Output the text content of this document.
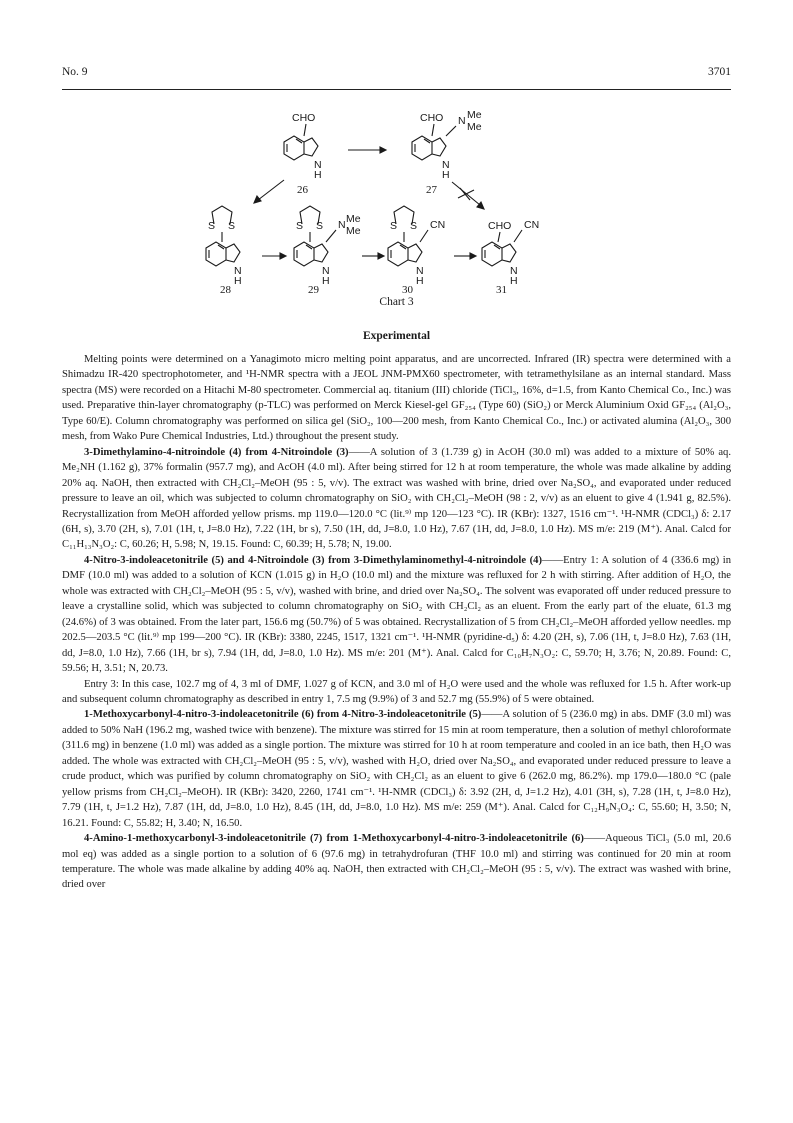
No. 9	3701
CHO
N
H
26
CHO N Me
Me
N
H
27
S S
N
H
28
S S N Me
Me
N
H
29
S S CN
N
H
30
CHO CN
N
H
31
Chart 3
Experimental

Melting points were determined on a Yanagimoto micro melting point apparatus, and are uncorrected. Infrared (IR) spectra were determined with a Shimadzu IR-420 spectrophotometer, and ¹H-NMR spectra with a JEOL JNM-PMX60 spectrometer, with tetramethylsilane as an internal standard. Mass spectra (MS) were recorded on a Hitachi M-80 spectrometer. Commercial aq. titanium (III) chloride (TiCl₃, 16%, d=1.5, from Kanto Chemical Co., Inc.) was used. Preparative thin-layer chromatography (p-TLC) was performed on Merck Kiesel-gel GF₂₅₄ (Type 60) (SiO₂) or Merck Aluminium Oxid GF₂₅₄ (Al₂O₃, Type 60/E). Column chromatography was performed on silica gel (SiO₂, 100—200 mesh, from Kanto Chemical Co., Inc.) or activated alumina (Al₂O₃, 300 mesh, from Wako Pure Chemical Industries, Ltd.) throughout the present study.

3-Dimethylamino-4-nitroindole (4) from 4-Nitroindole (3)——A solution of 3 (1.739 g) in AcOH (30.0 ml) was added to a mixture of 50% aq. Me₂NH (1.162 g), 37% formalin (957.7 mg), and AcOH (4.0 ml). After being stirred for 12 h at room temperature, the whole was made alkaline by adding 20% aq. NaOH, then extracted with CH₂Cl₂–MeOH (95 : 5, v/v). The extract was washed with brine, dried over Na₂SO₄, and evaporated under reduced pressure to leave an oil, which was subjected to column chromatography on SiO₂ with CH₂Cl₂–MeOH (98 : 2, v/v) as an eluent to give 4 (1.941 g, 82.5%). Recrystallization from MeOH afforded yellow prisms. mp 119.0—120.0 °C (lit.⁹⁾ mp 120—123 °C). IR (KBr): 1327, 1516 cm⁻¹. ¹H-NMR (CDCl₃) δ: 2.17 (6H, s), 3.70 (2H, s), 7.01 (1H, t, J=8.0 Hz), 7.22 (1H, br s), 7.50 (1H, dd, J=8.0, 1.0 Hz), 7.67 (1H, dd, J=8.0, 1.0 Hz). MS m/e: 219 (M⁺). Anal. Calcd for C₁₁H₁₃N₃O₂: C, 60.26; H, 5.98; N, 19.15. Found: C, 60.39; H, 5.78; N, 19.00.

4-Nitro-3-indoleacetonitrile (5) and 4-Nitroindole (3) from 3-Dimethylaminomethyl-4-nitroindole (4)——Entry 1: A solution of 4 (336.6 mg) in DMF (10.0 ml) was added to a solution of KCN (1.015 g) in H₂O (10.0 ml) and the mixture was refluxed for 2 h with stirring. After addition of H₂O, the whole was extracted with CH₂Cl₂–MeOH (95 : 5, v/v), washed with brine, and dried over Na₂SO₄. The solvent was evaporated off under reduced pressure to leave a crystalline solid, which was subjected to column chromatography on SiO₂ with CH₂Cl₂ as an eluent. From the early part of the eluate, 61.3 mg (24.6%) of 3 was obtained. From the later part, 156.6 mg (50.7%) of 5 was obtained. Recrystallization of 5 from CH₂Cl₂–MeOH afforded yellow needles. mp 202.5—203.5 °C (lit.⁹⁾ mp 199—200 °C). IR (KBr): 3380, 2245, 1517, 1321 cm⁻¹. ¹H-NMR (pyridine-d₅) δ: 4.20 (2H, s), 7.06 (1H, t, J=8.0 Hz), 7.63 (1H, dd, J=8.0, 1.0 Hz), 7.66 (1H, br s), 7.94 (1H, dd, J=8.0, 1.0 Hz). MS m/e: 201 (M⁺). Anal. Calcd for C₁₀H₇N₃O₂: C, 59.70; H, 3.76; N, 20.89. Found: C, 59.56; H, 3.51; N, 20.73.

Entry 3: In this case, 102.7 mg of 4, 3 ml of DMF, 1.027 g of KCN, and 3.0 ml of H₂O were used and the whole was refluxed for 1.5 h. After work-up and subsequent column chromatography as described in entry 1, 7.5 mg (9.9%) of 3 and 52.7 mg (55.9%) of 5 were obtained.

1-Methoxycarbonyl-4-nitro-3-indoleacetonitrile (6) from 4-Nitro-3-indoleacetonitrile (5)——A solution of 5 (236.0 mg) in abs. DMF (3.0 ml) was added to 50% NaH (196.2 mg, washed twice with benzene). The mixture was stirred for 15 min at room temperature, then a solution of methyl chloroformate (311.6 mg) in benzene (1.0 ml) was added as a single portion. The mixture was stirred for 10 h at room temperature and cooled in an ice bath, then H₂O was added. The whole was extracted with CH₂Cl₂–MeOH (95 : 5, v/v), washed with H₂O, dried over Na₂SO₄, and evaporated under reduced pressure to leave a crude product, which was purified by column chromatography on SiO₂ with CH₂Cl₂ as an eluent to give 6 (262.0 mg, 86.2%). mp 179.0—180.0 °C (pale yellow prisms from CH₂Cl₂–MeOH). IR (KBr): 3420, 2260, 1741 cm⁻¹. ¹H-NMR (CDCl₃) δ: 3.92 (2H, d, J=1.2 Hz), 4.01 (3H, s), 7.28 (1H, t, J=8.0 Hz), 7.79 (1H, t, J=1.2 Hz), 7.87 (1H, dd, J=8.0, 1.0 Hz), 8.45 (1H, dd, J=8.0, 1.0 Hz). MS m/e: 259 (M⁺). Anal. Calcd for C₁₂H₉N₃O₄: C, 55.60; H, 3.50; N, 16.21. Found: C, 55.82; H, 3.40; N, 16.50.

4-Amino-1-methoxycarbonyl-3-indoleacetonitrile (7) from 1-Methoxycarbonyl-4-nitro-3-indoleacetonitrile (6)——Aqueous TiCl₃ (5.0 ml, 20.6 mol eq) was added as a single portion to a solution of 6 (97.6 mg) in tetrahydrofuran (THF 10.0 ml) and stirring was continued for 20 min at room temperature. The whole was made alkaline by adding 40% aq. NaOH, then extracted with CH₂Cl₂–MeOH (95 : 5, v/v). The extract was washed with brine, dried over
